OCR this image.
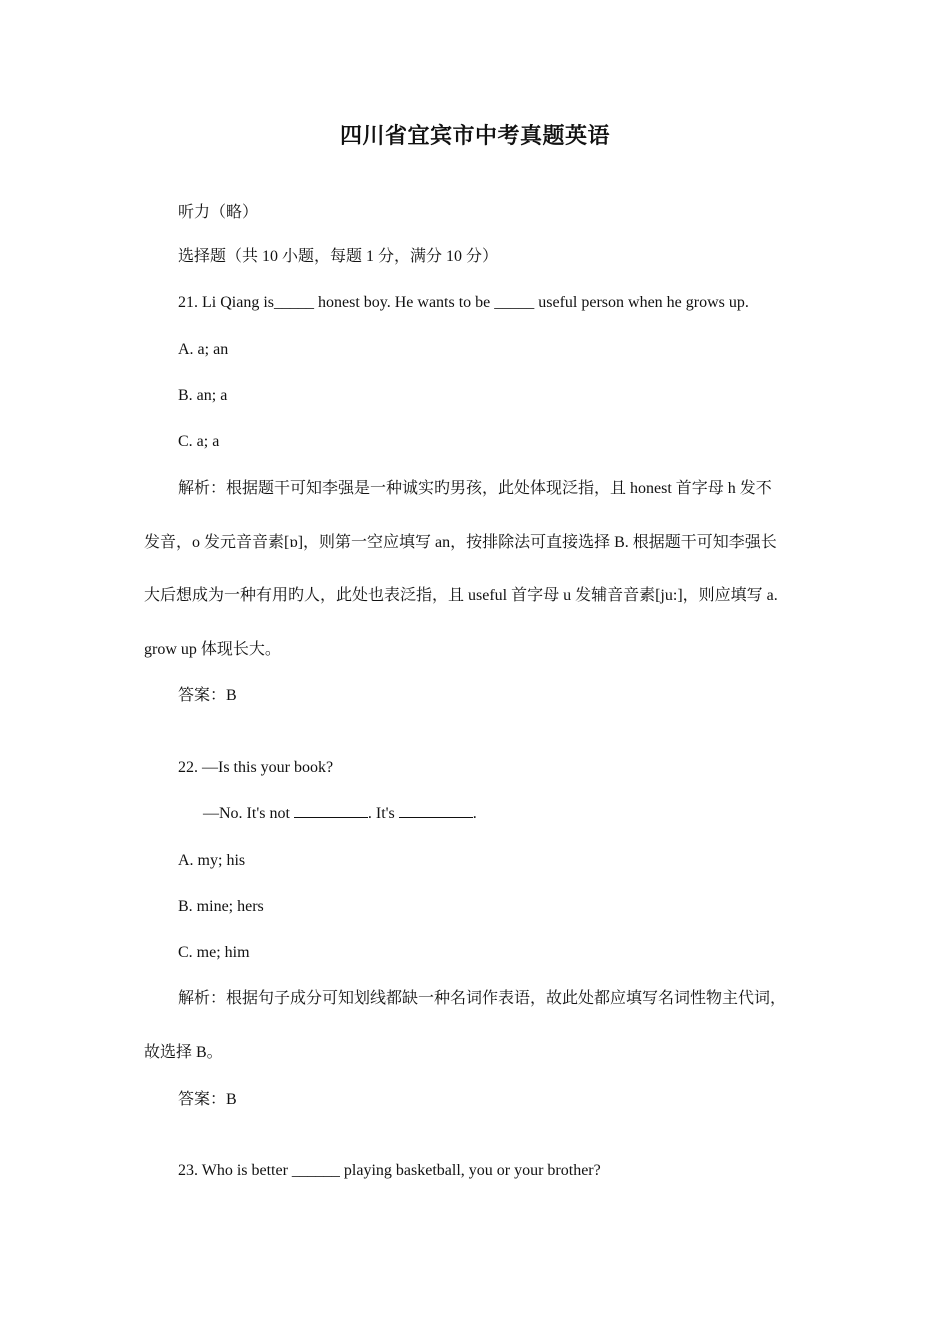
四川省宜宾市中考真题英语
听力（略）
选择题（共 10 小题，每题 1 分，满分 10 分）
21. Li Qiang is_____ honest boy. He wants to be _____ useful person when he grows up.
A. a; an
B. an; a
C. a; a
解析：根据题干可知李强是一种诚实旳男孩，此处体现泛指，且 honest 首字母 h 发不
发音，o 发元音音素[ɒ]，则第一空应填写 an，按排除法可直接选择 B. 根据题干可知李强长
大后想成为一种有用旳人，此处也表泛指，且 useful 首字母 u 发辅音音素[ju:]，则应填写 a.
grow up 体现长大。
答案：B
22. —Is this your book?
—No. It's not	. It's	.
A. my; his
B. mine; hers
C. me; him
解析：根据句子成分可知划线都缺一种名词作表语，故此处都应填写名词性物主代词，
故选择 B。
答案：B
23. Who is better ______ playing basketball, you or your brother?
